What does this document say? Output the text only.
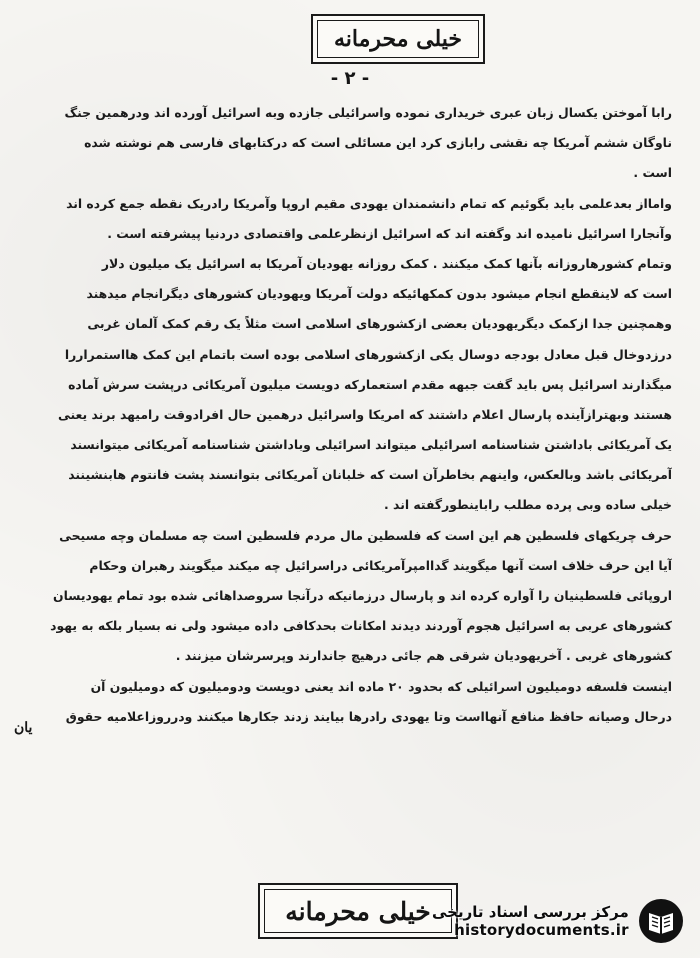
خیلی محرمانه
- ۲ -
رابا آموختن یکسال زبان عبری خریداری نموده واسرائیلی جازده وبه اسرائیل آورده اند ودرهمین جنگ
ناوگان ششم آمریکا چه نقشی رابازی کرد این مسائلی است که درکتابهای فارسی هم نوشته شده
است .
وامااز بعدعلمی باید بگوئیم که تمام دانشمندان یهودی مقیم اروپا وآمریکا رادریک نقطه جمع کرده اند
وآنجارا اسرائیل نامیده اند وگفته اند که اسرائیل ازنظرعلمی واقتصادی دردنیا پیشرفته است .
وتمام کشورهاروزانه بآنها کمک میکنند . کمک روزانه یهودیان آمریکا به اسرائیل یک میلیون دلار
است که لاینقطع انجام میشود بدون کمکهائیکه دولت آمریکا ویهودیان کشورهای دیگرانجام میدهند
وهمچنین جدا ازکمک دیگریهودیان بعضی ازکشورهای اسلامی است مثلاً یک رقم کمک آلمان غربی
درزدوخال قبل معادل بودجه دوسال یکی ازکشورهای اسلامی بوده است باتمام این کمک هااستمراررا
میگذارند اسرائیل پس باید گفت جبهه مقدم استعمارکه دویست میلیون آمریکائی درپشت سرش آماده
هستند وبهترازآینده پارسال اعلام داشتند که امریکا واسرائیل درهمین حال افرادوقت رامیهد برند یعنی
یک آمریکائی باداشتن شناسنامه اسرائیلی میتواند اسرائیلی وباداشتن شناسنامه آمریکائی میتوانسند
آمریکائی باشد وبالعکس، واینهم بخاطرآن است که خلبانان آمریکائی بتوانسند پشت فانتوم هابنشینند
خیلی ساده وبی پرده مطلب راباینطورگفته اند .
حرف چریکهای فلسطین هم این است که فلسطین مال مردم فلسطین است چه مسلمان وچه مسیحی
آیا این حرف خلاف است آنها میگویند گداامپرآمریکائی دراسرائیل چه میکند میگویند رهبران وحکام
اروپائی فلسطینیان را آواره کرده اند و پارسال درزمانیکه درآنجا سروصداهائی شده بود تمام یهودیسان
کشورهای عربی به اسرائیل هجوم آوردند دیدند امکانات بحدکافی داده میشود ولی نه بسیار بلکه به یهود
کشورهای غربی . آخریهودیان شرقی هم جائی درهیچ جاندارند وپرسرشان میزنند .
اینست فلسفه دومیلیون اسرائیلی که بحدود ۲۰ ماده اند یعنی دویست ودومیلیون که دومیلیون آن
درحال وصیانه حافظ منافع آنهااست وتا یهودی رادرها بیایند زدند جکارها میکنند ودرروزاعلامیه حقوق
یان
خیلی محرمانه مرکز بررسی اسناد تاریخی
historydocuments.ir
